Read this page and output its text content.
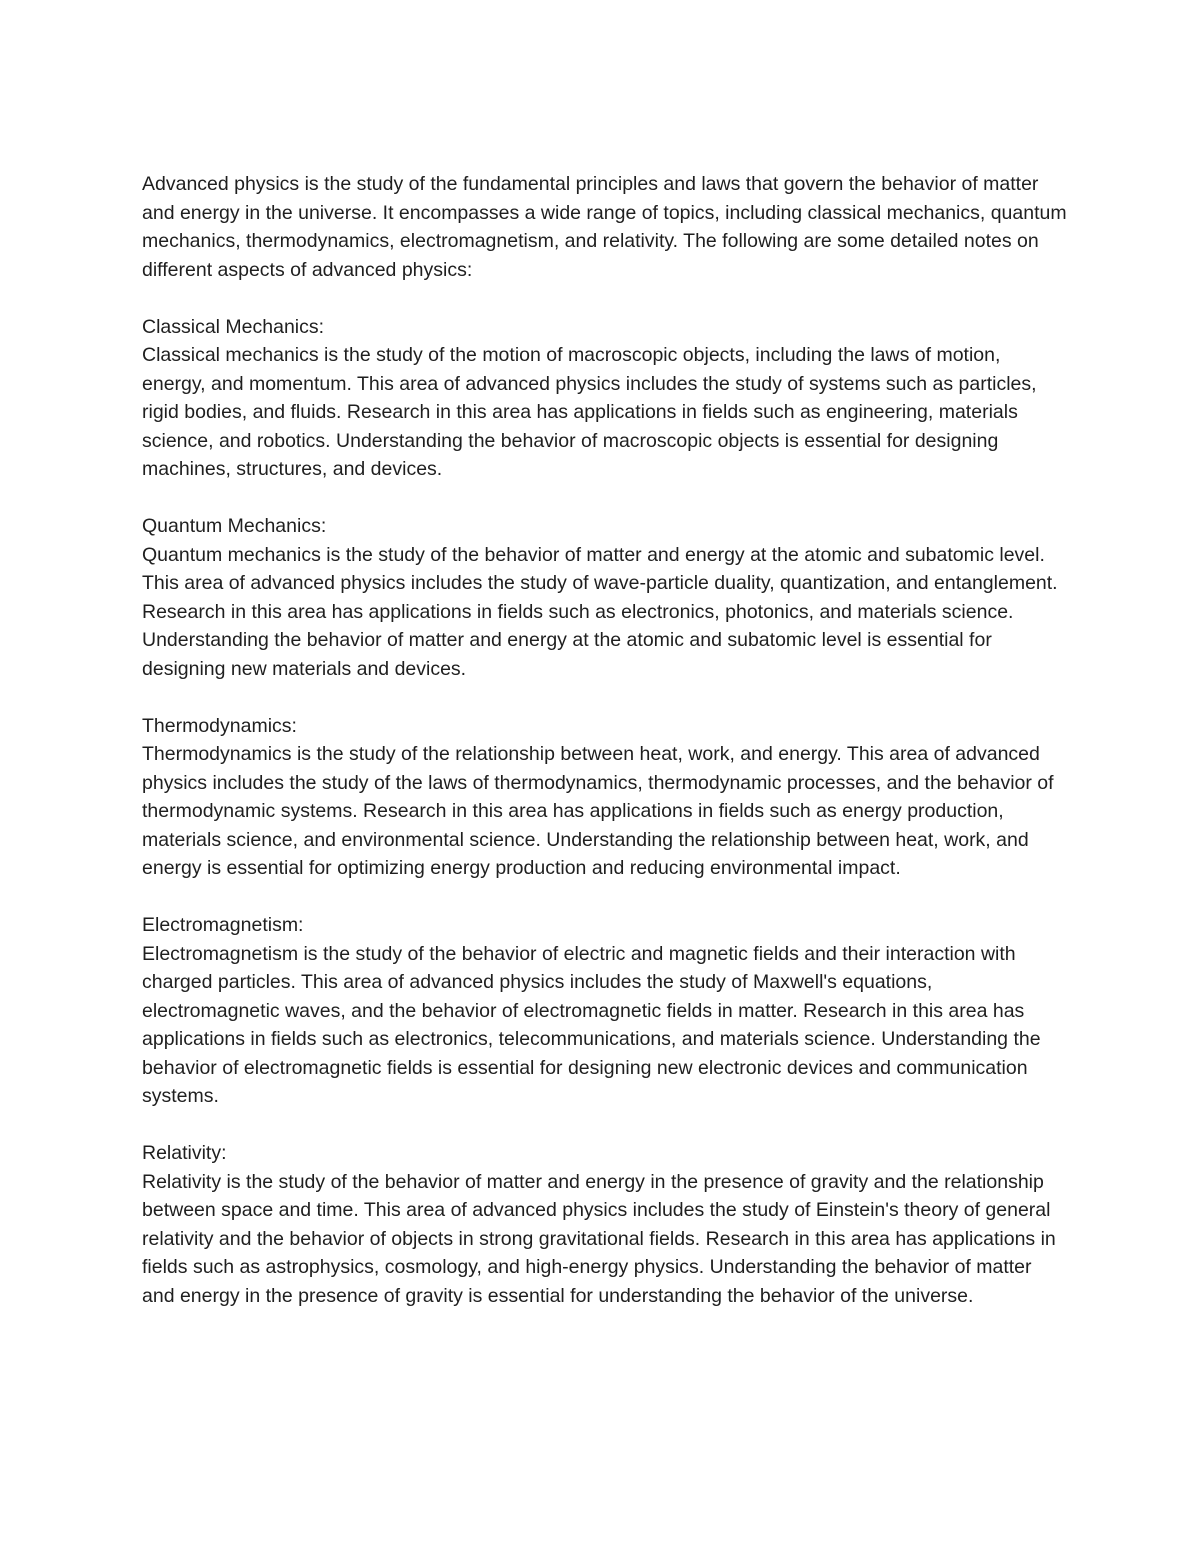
Advanced physics is the study of the fundamental principles and laws that govern the behavior of matter and energy in the universe. It encompasses a wide range of topics, including classical mechanics, quantum mechanics, thermodynamics, electromagnetism, and relativity. The following are some detailed notes on different aspects of advanced physics:

Classical Mechanics:

Classical mechanics is the study of the motion of macroscopic objects, including the laws of motion, energy, and momentum. This area of advanced physics includes the study of systems such as particles, rigid bodies, and fluids. Research in this area has applications in fields such as engineering, materials science, and robotics. Understanding the behavior of macroscopic objects is essential for designing machines, structures, and devices.

Quantum Mechanics:

Quantum mechanics is the study of the behavior of matter and energy at the atomic and subatomic level. This area of advanced physics includes the study of wave-particle duality, quantization, and entanglement. Research in this area has applications in fields such as electronics, photonics, and materials science. Understanding the behavior of matter and energy at the atomic and subatomic level is essential for designing new materials and devices.

Thermodynamics:

Thermodynamics is the study of the relationship between heat, work, and energy. This area of advanced physics includes the study of the laws of thermodynamics, thermodynamic processes, and the behavior of thermodynamic systems. Research in this area has applications in fields such as energy production, materials science, and environmental science. Understanding the relationship between heat, work, and energy is essential for optimizing energy production and reducing environmental impact.

Electromagnetism:

Electromagnetism is the study of the behavior of electric and magnetic fields and their interaction with charged particles. This area of advanced physics includes the study of Maxwell's equations, electromagnetic waves, and the behavior of electromagnetic fields in matter. Research in this area has applications in fields such as electronics, telecommunications, and materials science. Understanding the behavior of electromagnetic fields is essential for designing new electronic devices and communication systems.

Relativity:

Relativity is the study of the behavior of matter and energy in the presence of gravity and the relationship between space and time. This area of advanced physics includes the study of Einstein's theory of general relativity and the behavior of objects in strong gravitational fields. Research in this area has applications in fields such as astrophysics, cosmology, and high-energy physics. Understanding the behavior of matter and energy in the presence of gravity is essential for understanding the behavior of the universe.
